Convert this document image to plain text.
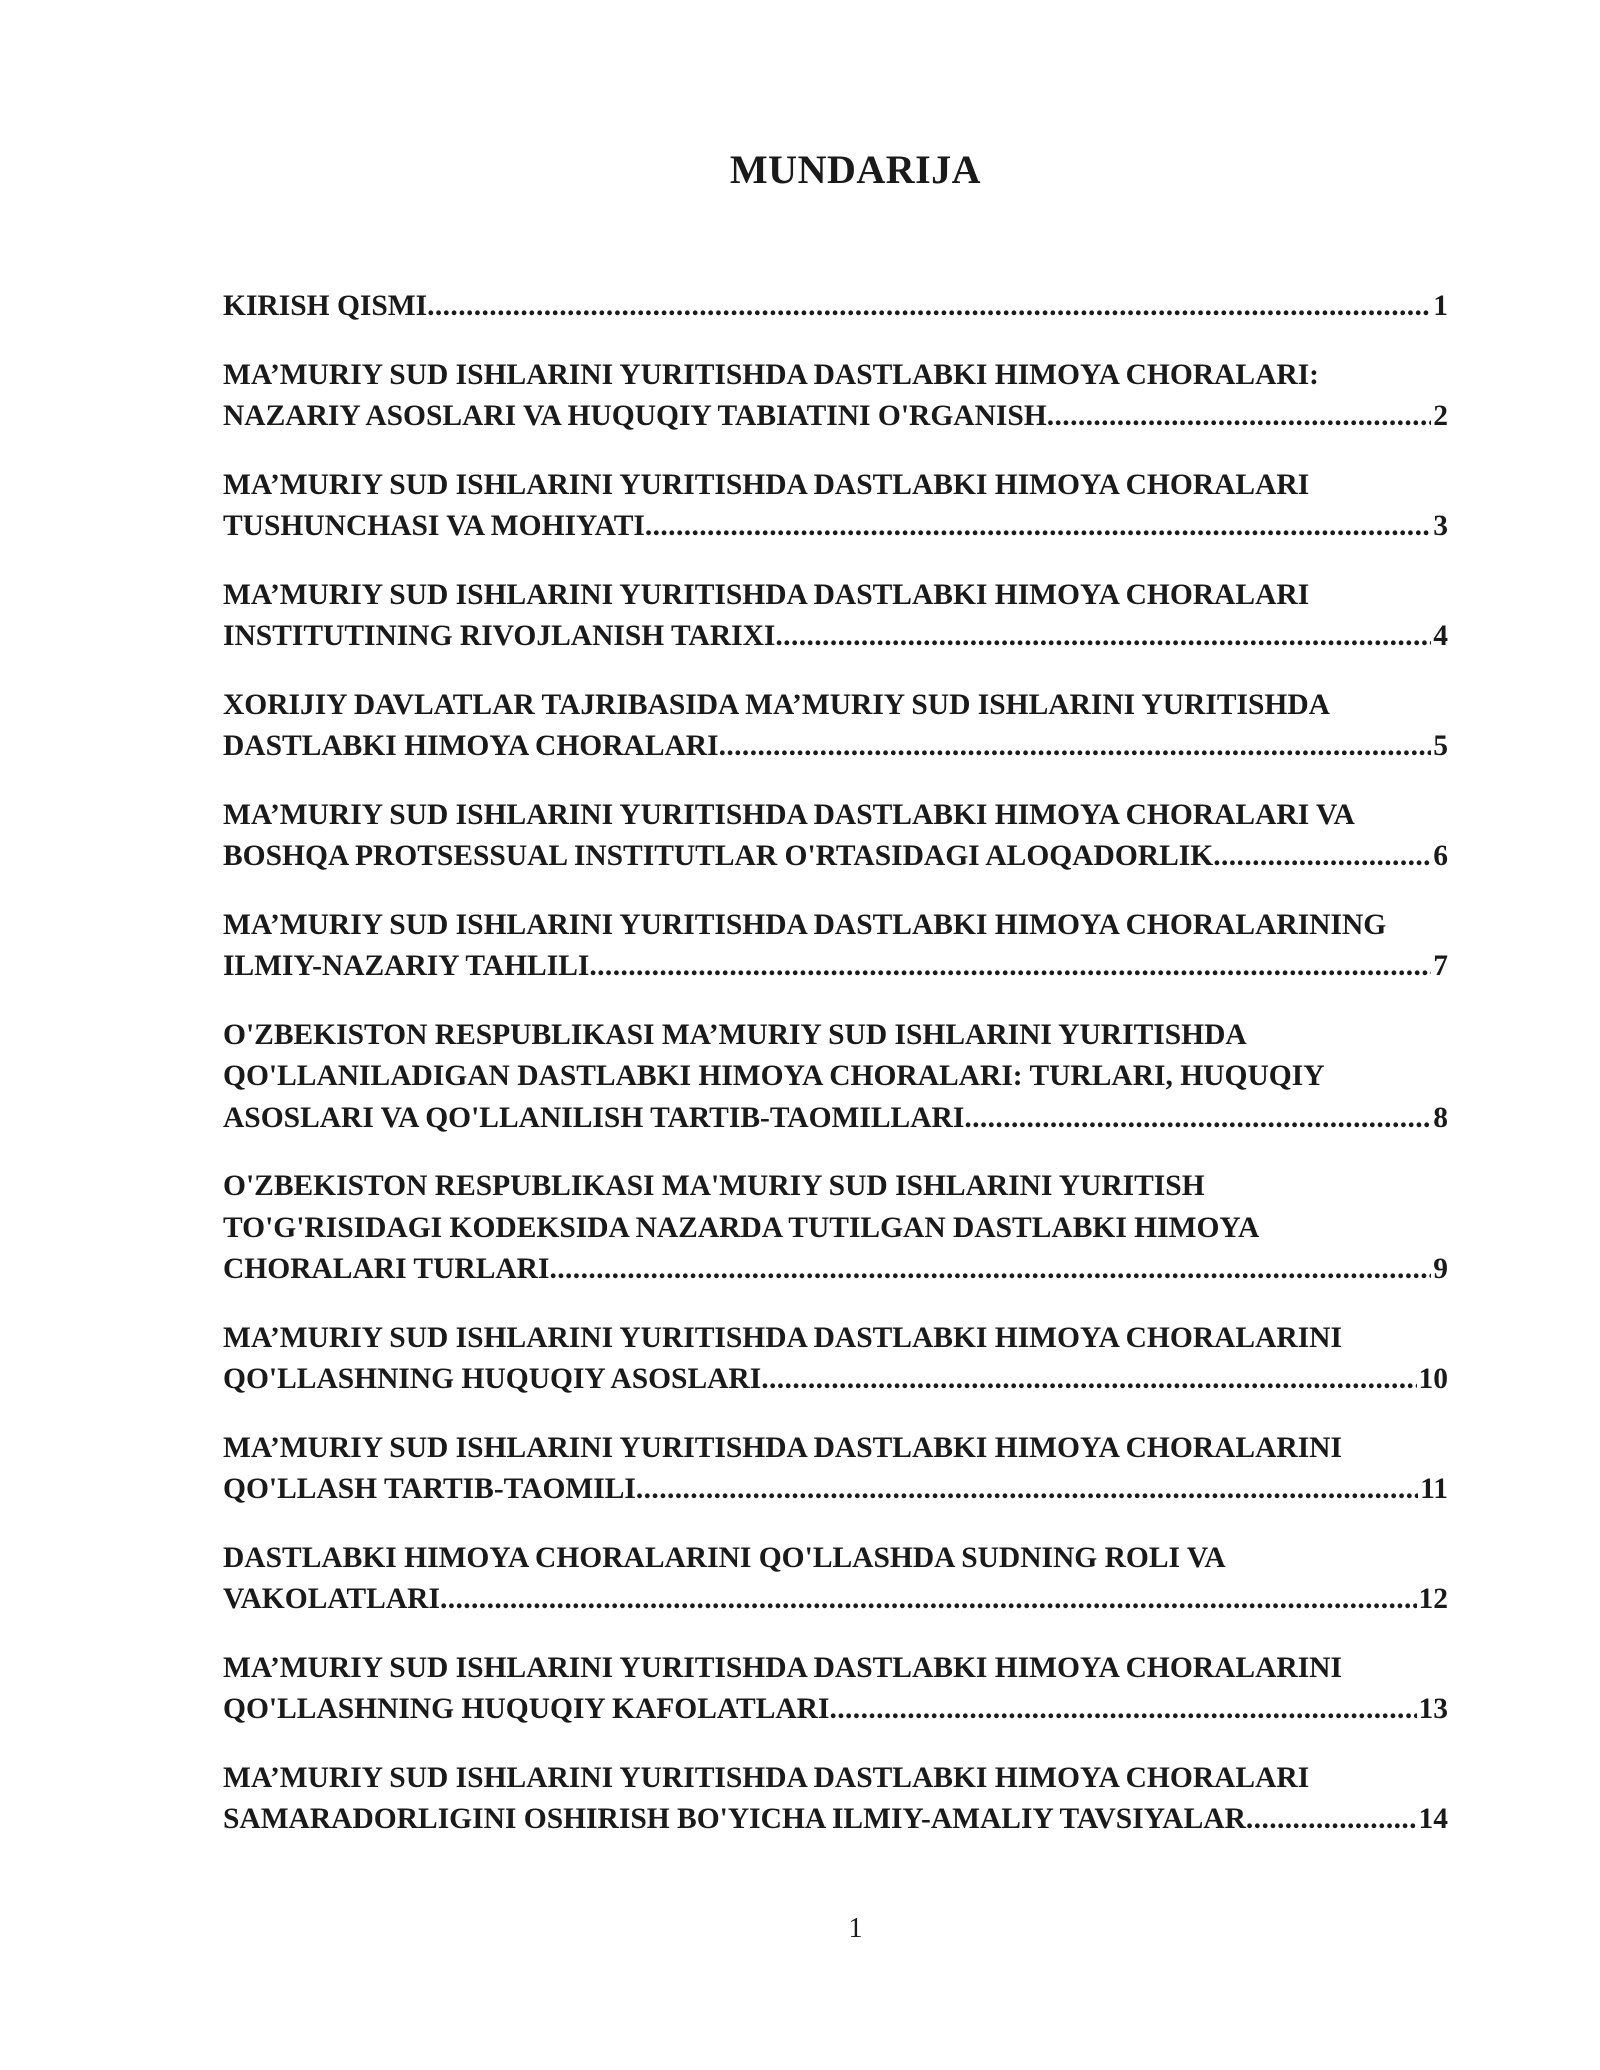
MUNDARIJA
KIRISH QISMI .....	1
MA’MURIY SUD ISHLARINI YURITISHDA DASTLABKI HIMOYA CHORALARI:
NAZARIY ASOSLARI VA HUQUQIY TABIATINI O'RGANISH .....	2
MA’MURIY SUD ISHLARINI YURITISHDA DASTLABKI HIMOYA CHORALARI
TUSHUNCHASI VA MOHIYATI .....	3
MA’MURIY SUD ISHLARINI YURITISHDA DASTLABKI HIMOYA CHORALARI
INSTITUTINING RIVOJLANISH TARIXI .....	4
XORIJIY DAVLATLAR TAJRIBASIDA MA’MURIY SUD ISHLARINI YURITISHDA
DASTLABKI HIMOYA CHORALARI .....	5
MA’MURIY SUD ISHLARINI YURITISHDA DASTLABKI HIMOYA CHORALARI VA
BOSHQA PROTSESSUAL INSTITUTLAR O'RTASIDAGI ALOQADORLIK .....	6
MA’MURIY SUD ISHLARINI YURITISHDA DASTLABKI HIMOYA CHORALARINING
ILMIY-NAZARIY TAHLILI .....	7
O'ZBEKISTON RESPUBLIKASI MA’MURIY SUD ISHLARINI YURITISHDA
QO'LLANILADIGAN DASTLABKI HIMOYA CHORALARI: TURLARI, HUQUQIY
ASOSLARI VA QO'LLANILISH TARTIB-TAOMILLARI .....	8
O'ZBEKISTON RESPUBLIKASI MA'MURIY SUD ISHLARINI YURITISH
TO'G'RISIDAGI KODEKSIDA NAZARDA TUTILGAN DASTLABKI HIMOYA
CHORALARI TURLARI .....	9
MA’MURIY SUD ISHLARINI YURITISHDA DASTLABKI HIMOYA CHORALARINI
QO'LLASHNING HUQUQIY ASOSLARI .....	10
MA’MURIY SUD ISHLARINI YURITISHDA DASTLABKI HIMOYA CHORALARINI
QO'LLASH TARTIB-TAOMILI .....	11
DASTLABKI HIMOYA CHORALARINI QO'LLASHDA SUDNING ROLI VA
VAKOLATLARI .....	12
MA’MURIY SUD ISHLARINI YURITISHDA DASTLABKI HIMOYA CHORALARINI
QO'LLASHNING HUQUQIY KAFOLATLARI .....	13
MA’MURIY SUD ISHLARINI YURITISHDA DASTLABKI HIMOYA CHORALARI
SAMARADORLIGINI OSHIRISH BO'YICHA ILMIY-AMALIY TAVSIYALAR .....	14

1
